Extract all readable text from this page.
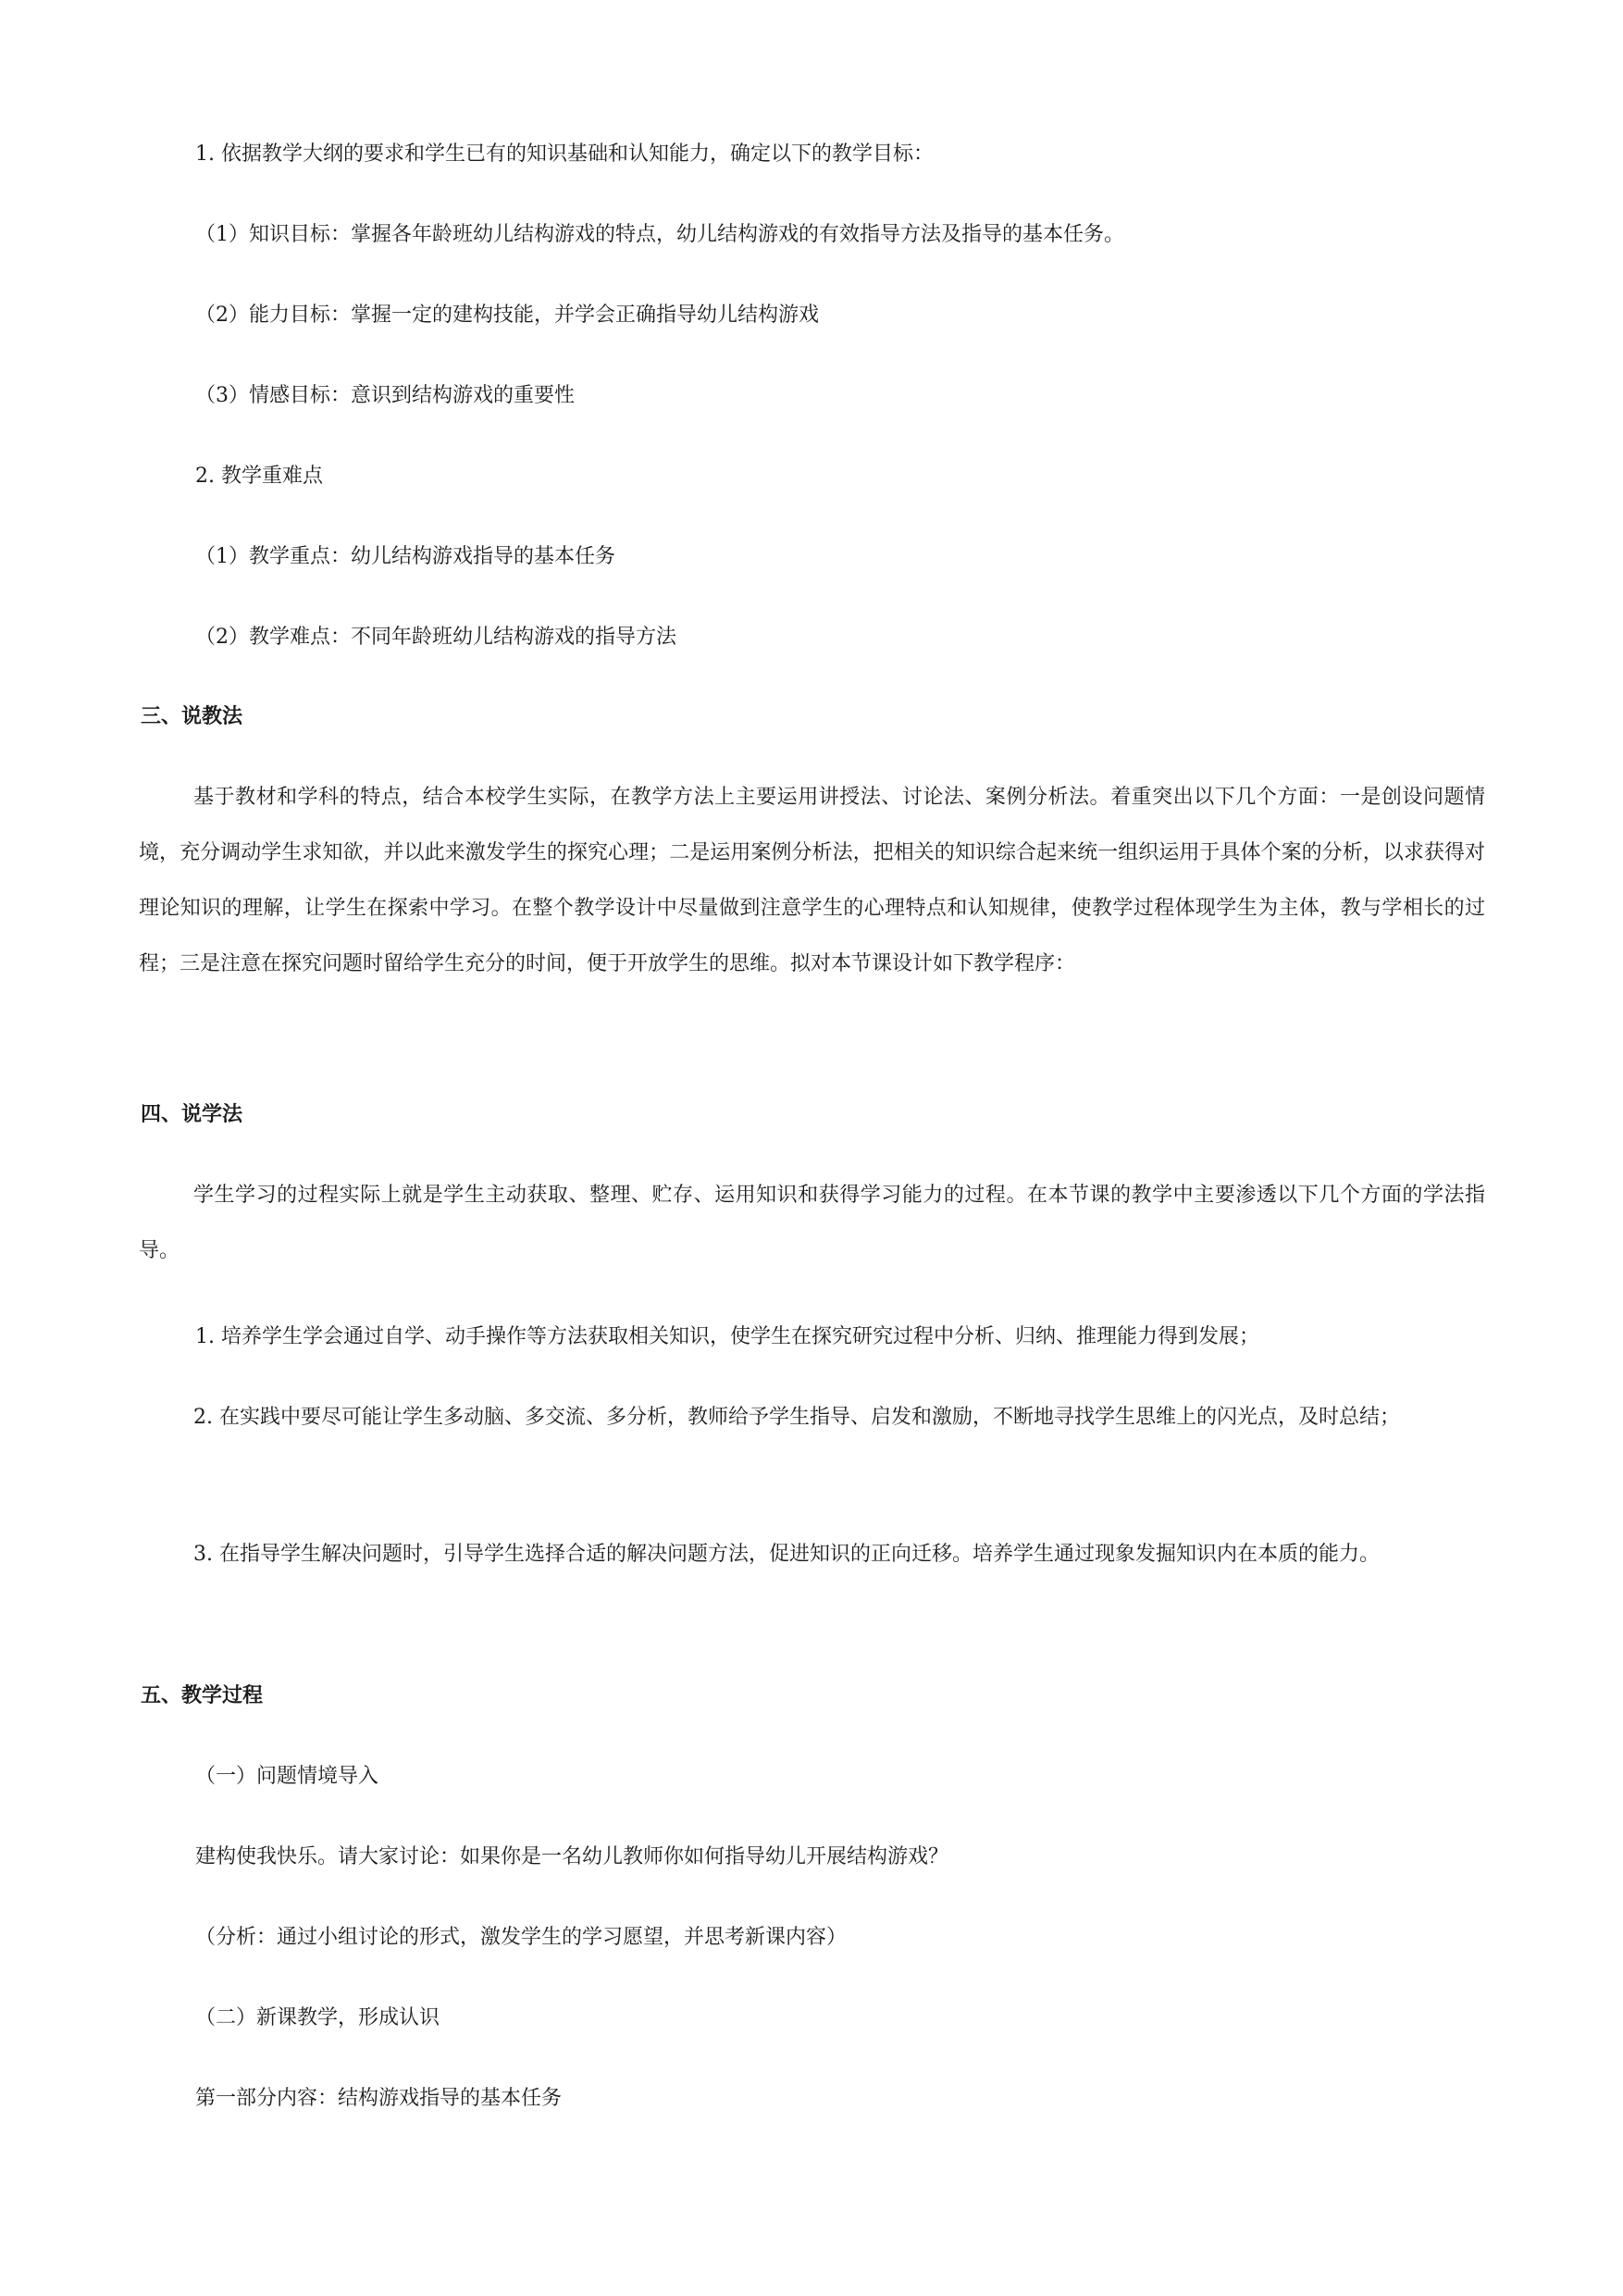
1. 依据教学大纲的要求和学生已有的知识基础和认知能力，确定以下的教学目标：

（1）知识目标：掌握各年龄班幼儿结构游戏的特点，幼儿结构游戏的有效指导方法及指导的基本任务。

（2）能力目标：掌握一定的建构技能，并学会正确指导幼儿结构游戏

（3）情感目标：意识到结构游戏的重要性

2. 教学重难点

（1）教学重点：幼儿结构游戏指导的基本任务

（2）教学难点：不同年龄班幼儿结构游戏的指导方法

三、说教法

基于教材和学科的特点，结合本校学生实际，在教学方法上主要运用讲授法、讨论法、案例分析法。着重突出以下几个方面：一是创设问题情境，充分调动学生求知欲，并以此来激发学生的探究心理；二是运用案例分析法，把相关的知识综合起来统一组织运用于具体个案的分析，以求获得对理论知识的理解，让学生在探索中学习。在整个教学设计中尽量做到注意学生的心理特点和认知规律，使教学过程体现学生为主体，教与学相长的过程；三是注意在探究问题时留给学生充分的时间，便于开放学生的思维。拟对本节课设计如下教学程序：

四、说学法

学生学习的过程实际上就是学生主动获取、整理、贮存、运用知识和获得学习能力的过程。在本节课的教学中主要渗透以下几个方面的学法指导。

1. 培养学生学会通过自学、动手操作等方法获取相关知识，使学生在探究研究过程中分析、归纳、推理能力得到发展；

2. 在实践中要尽可能让学生多动脑、多交流、多分析，教师给予学生指导、启发和激励，不断地寻找学生思维上的闪光点，及时总结；

3. 在指导学生解决问题时，引导学生选择合适的解决问题方法，促进知识的正向迁移。培养学生通过现象发掘知识内在本质的能力。

五、教学过程

（一）问题情境导入

建构使我快乐。请大家讨论：如果你是一名幼儿教师你如何指导幼儿开展结构游戏？

（分析：通过小组讨论的形式，激发学生的学习愿望，并思考新课内容）

（二）新课教学，形成认识

第一部分内容：结构游戏指导的基本任务
